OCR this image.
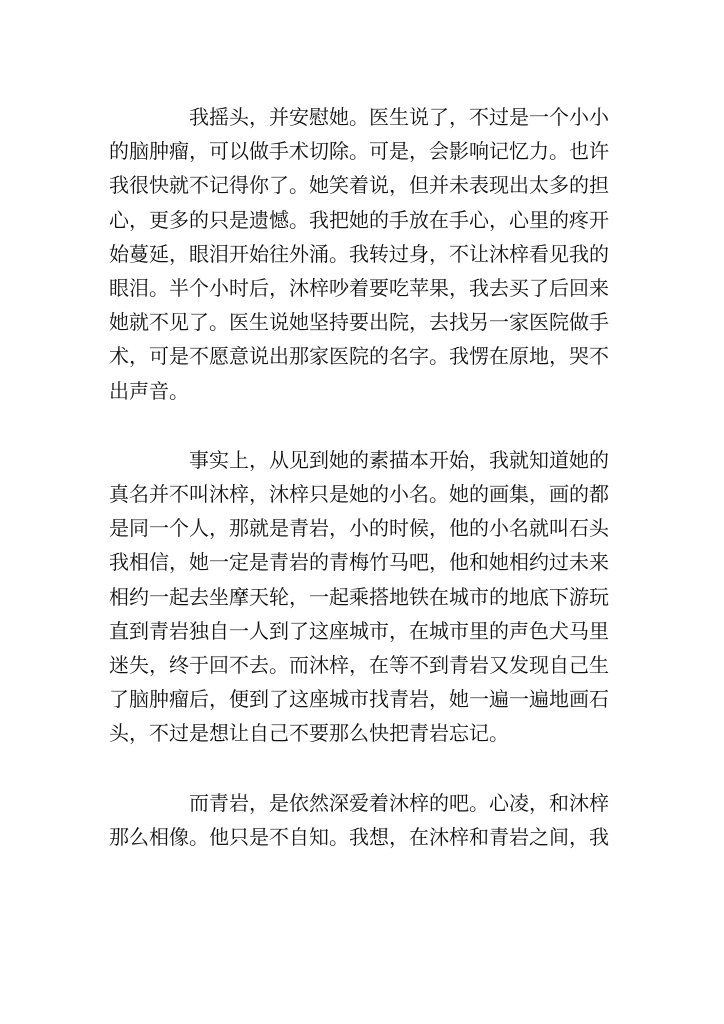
我摇头，并安慰她。医生说了，不过是一个小小
的脑肿瘤，可以做手术切除。可是，会影响记忆力。也许
我很快就不记得你了。她笑着说，但并未表现出太多的担
心，更多的只是遗憾。我把她的手放在手心，心里的疼开
始蔓延，眼泪开始往外涌。我转过身，不让沐梓看见我的
眼泪。半个小时后，沐梓吵着要吃苹果，我去买了后回来
她就不见了。医生说她坚持要出院，去找另一家医院做手
术，可是不愿意说出那家医院的名字。我愣在原地，哭不
出声音。
事实上，从见到她的素描本开始，我就知道她的
真名并不叫沐梓，沐梓只是她的小名。她的画集，画的都
是同一个人，那就是青岩，小的时候，他的小名就叫石头
我相信，她一定是青岩的青梅竹马吧，他和她相约过未来
相约一起去坐摩天轮，一起乘搭地铁在城市的地底下游玩
直到青岩独自一人到了这座城市，在城市里的声色犬马里
迷失，终于回不去。而沐梓，在等不到青岩又发现自己生
了脑肿瘤后，便到了这座城市找青岩，她一遍一遍地画石
头，不过是想让自己不要那么快把青岩忘记。
而青岩，是依然深爱着沐梓的吧。心凌，和沐梓
那么相像。他只是不自知。我想，在沐梓和青岩之间，我
